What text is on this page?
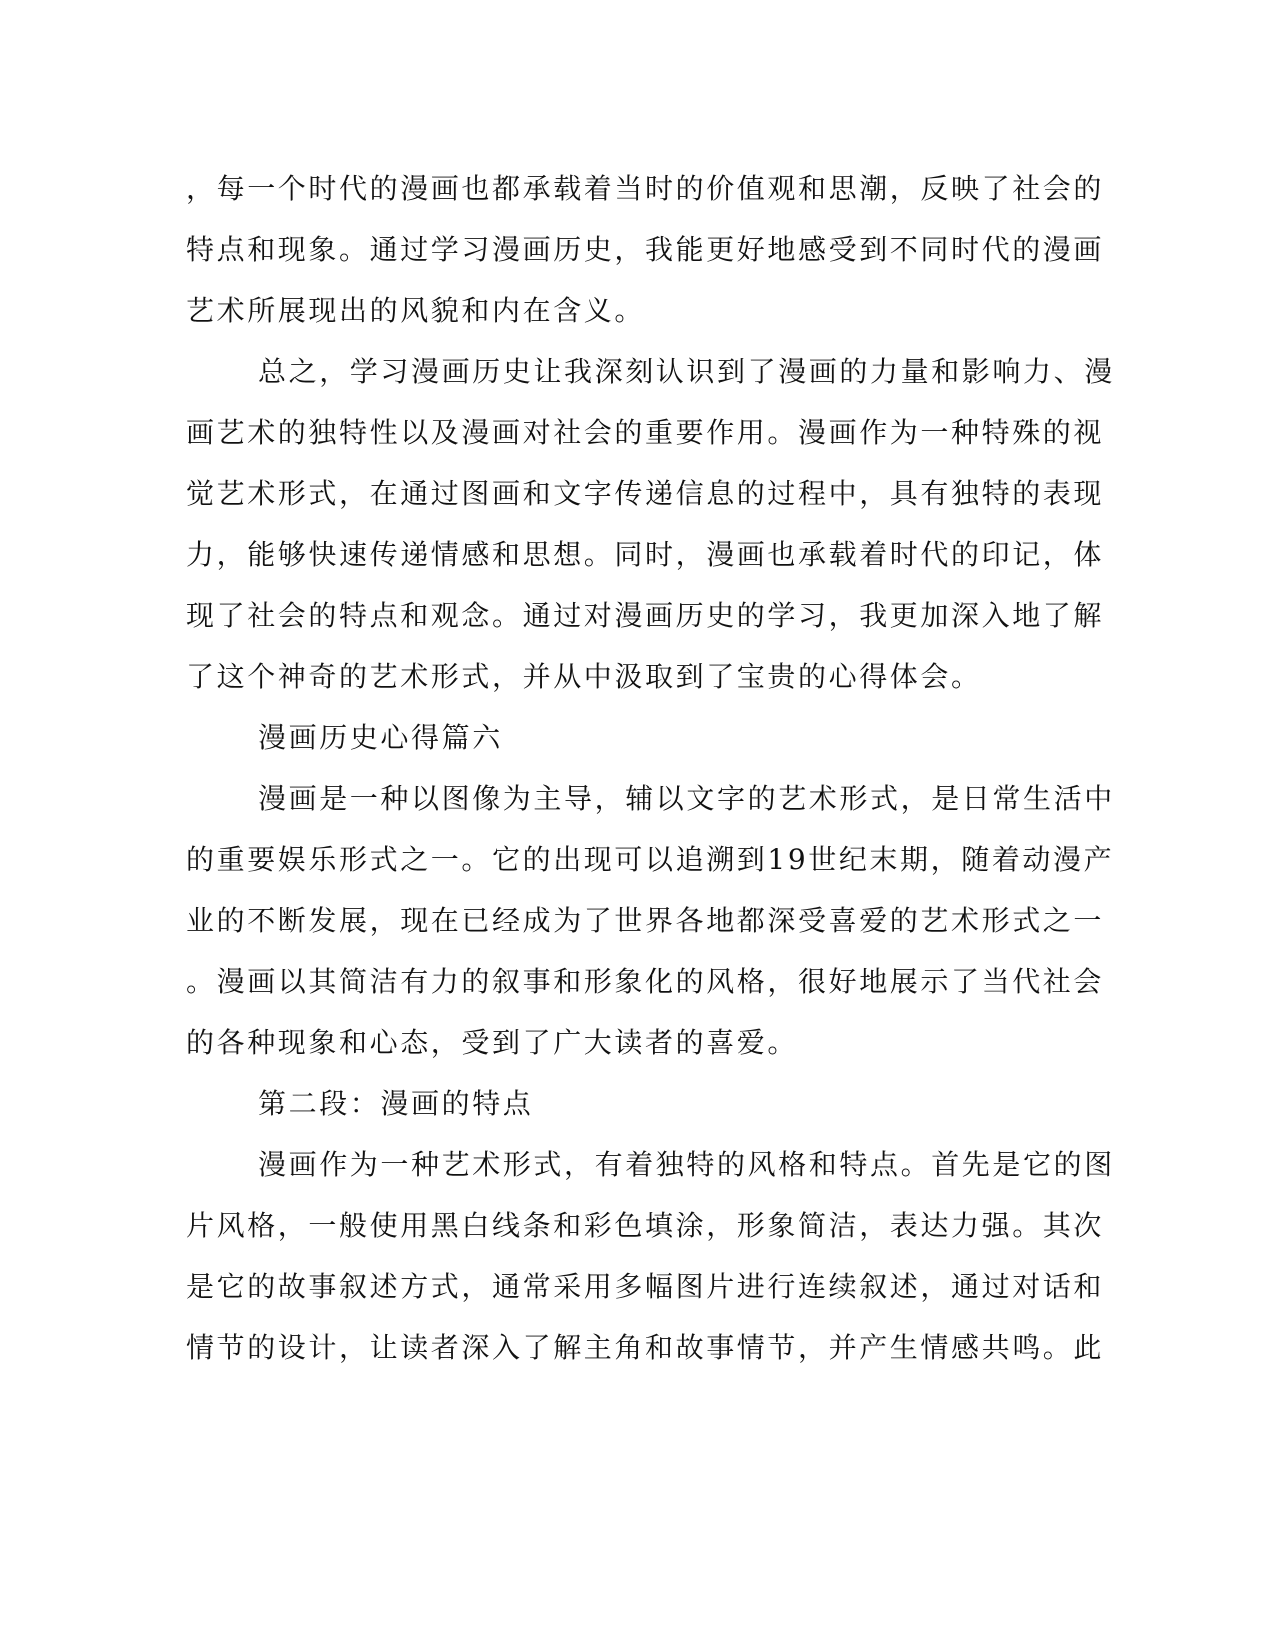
，每一个时代的漫画也都承载着当时的价值观和思潮，反映了社会的
特点和现象。通过学习漫画历史，我能更好地感受到不同时代的漫画
艺术所展现出的风貌和内在含义。
总之，学习漫画历史让我深刻认识到了漫画的力量和影响力、漫
画艺术的独特性以及漫画对社会的重要作用。漫画作为一种特殊的视
觉艺术形式，在通过图画和文字传递信息的过程中，具有独特的表现
力，能够快速传递情感和思想。同时，漫画也承载着时代的印记，体
现了社会的特点和观念。通过对漫画历史的学习，我更加深入地了解
了这个神奇的艺术形式，并从中汲取到了宝贵的心得体会。
漫画历史心得篇六
漫画是一种以图像为主导，辅以文字的艺术形式，是日常生活中
的重要娱乐形式之一。它的出现可以追溯到19世纪末期，随着动漫产
业的不断发展，现在已经成为了世界各地都深受喜爱的艺术形式之一
。漫画以其简洁有力的叙事和形象化的风格，很好地展示了当代社会
的各种现象和心态，受到了广大读者的喜爱。
第二段：漫画的特点
漫画作为一种艺术形式，有着独特的风格和特点。首先是它的图
片风格，一般使用黑白线条和彩色填涂，形象简洁，表达力强。其次
是它的故事叙述方式，通常采用多幅图片进行连续叙述，通过对话和
情节的设计，让读者深入了解主角和故事情节，并产生情感共鸣。此
